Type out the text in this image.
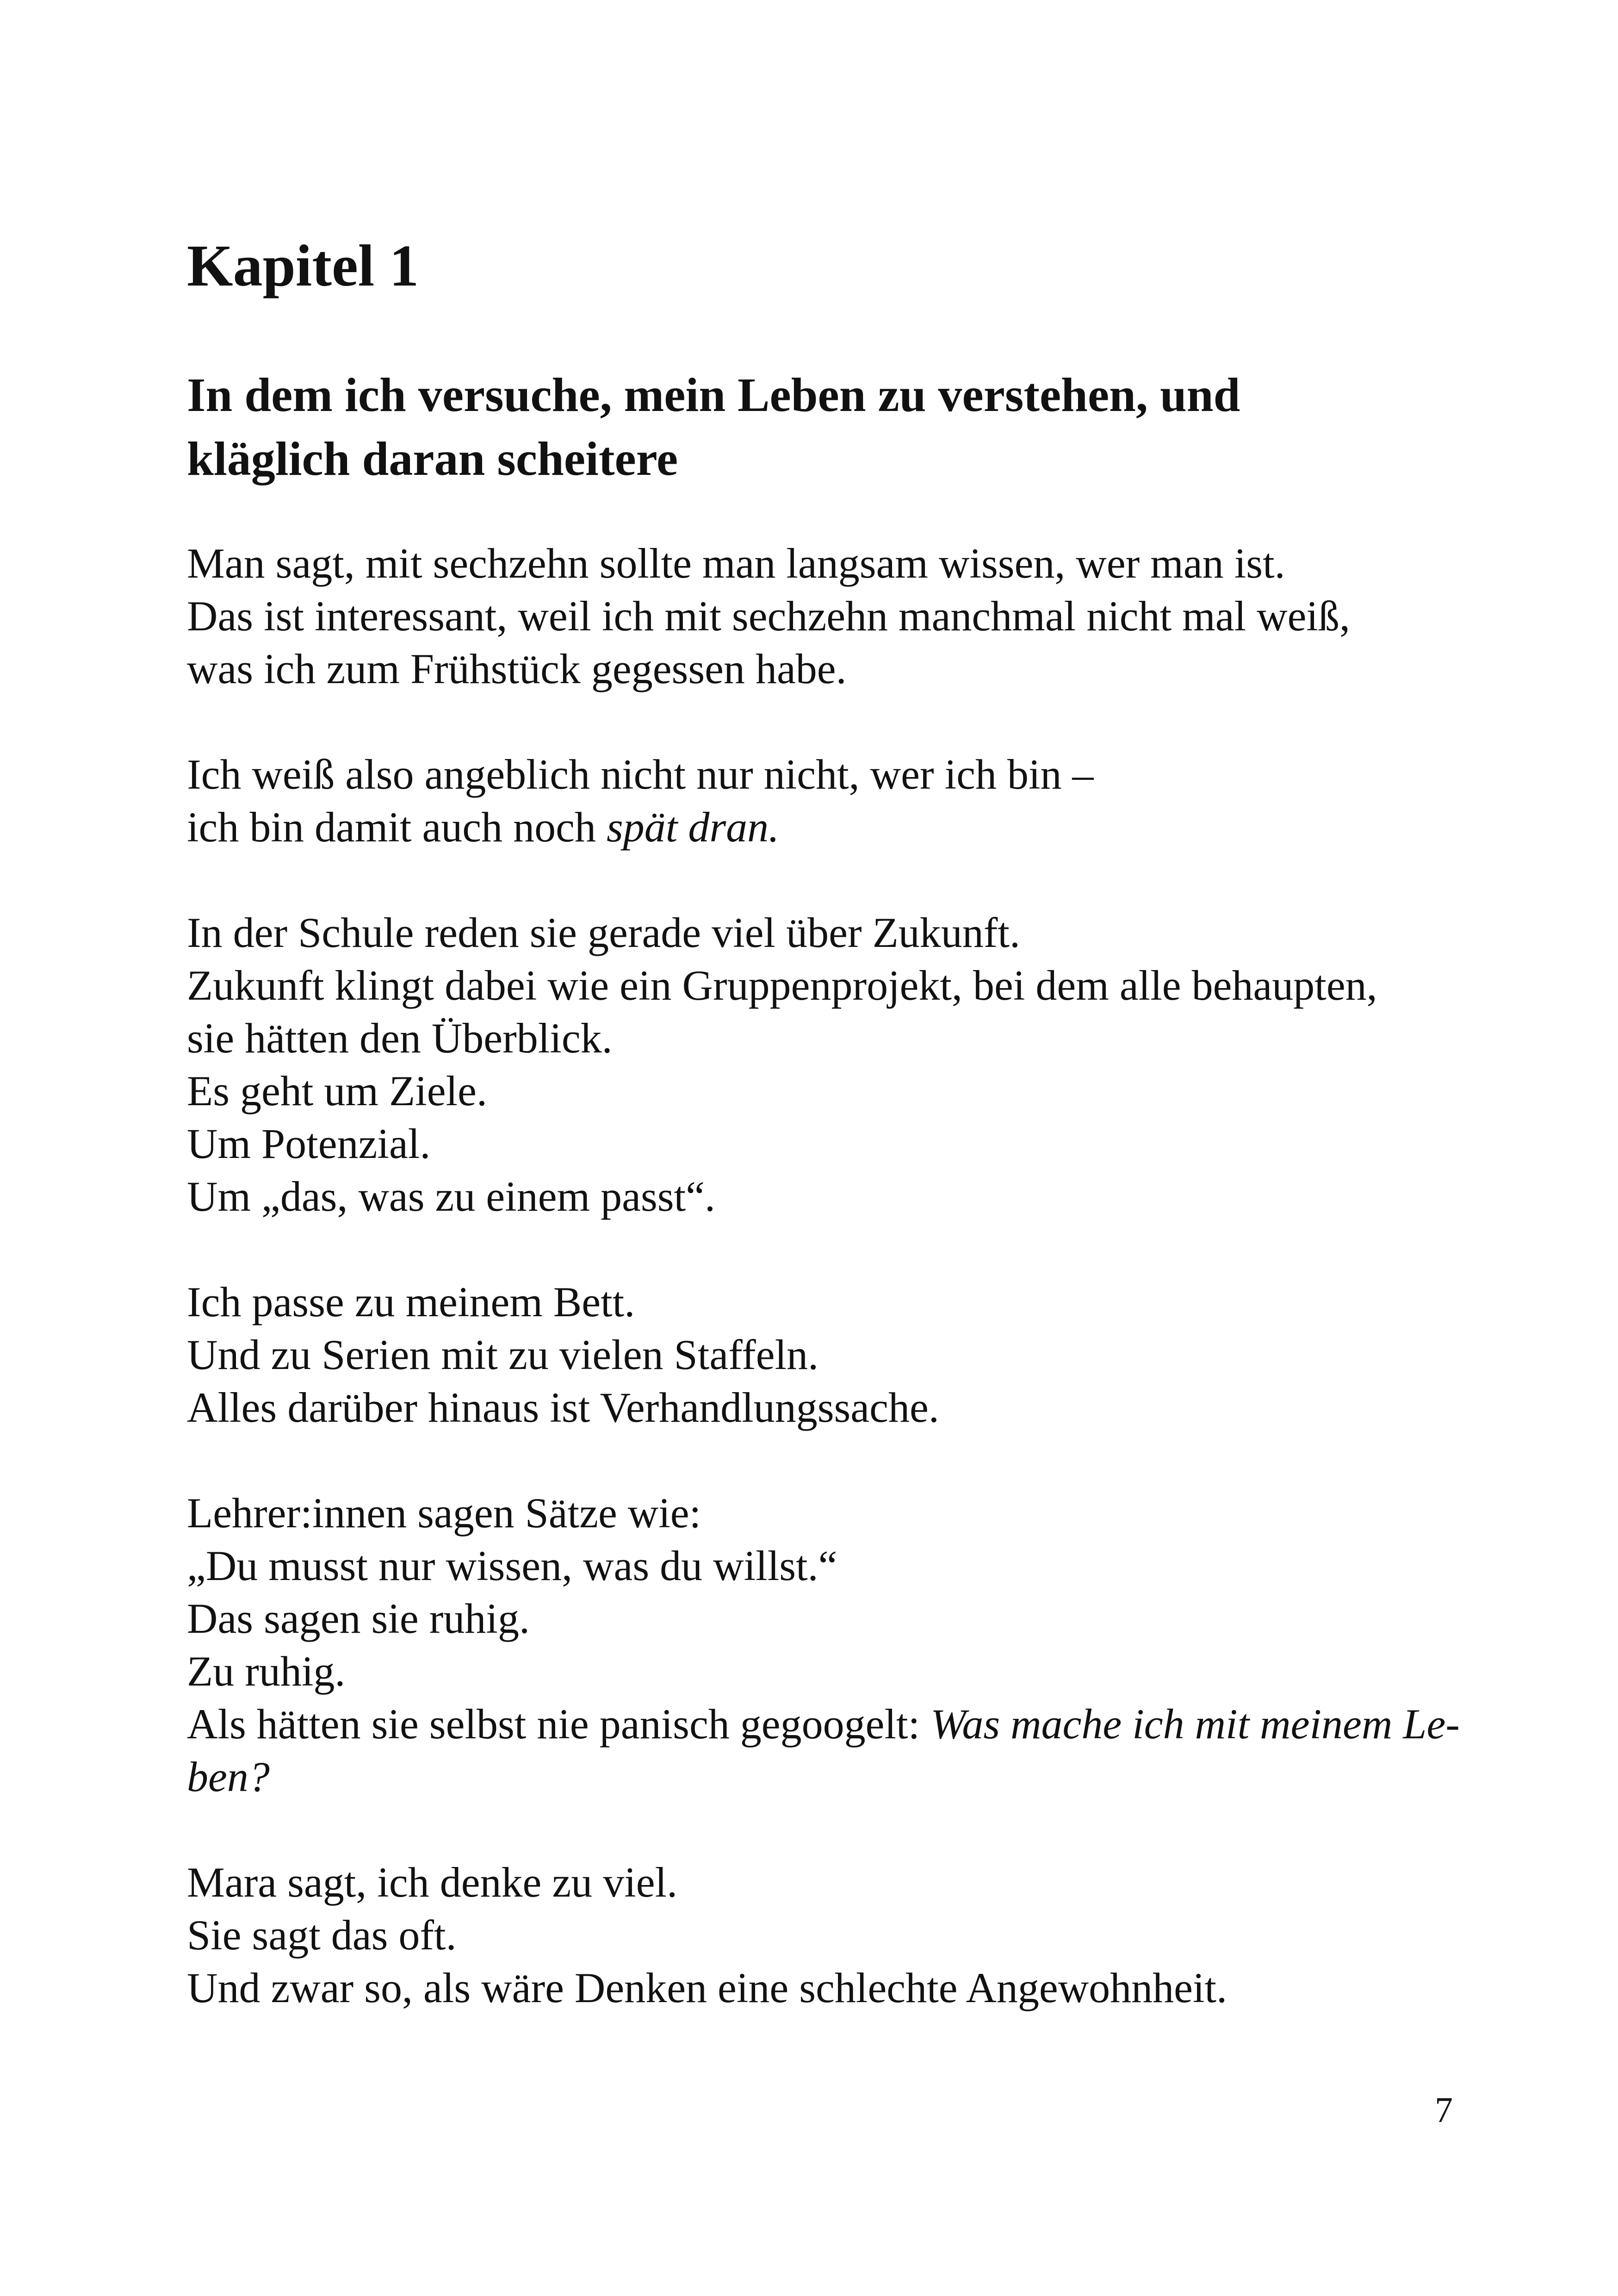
Kapitel 1
In dem ich versuche, mein Leben zu verstehen, und
kläglich daran scheitere

Man sagt, mit sechzehn sollte man langsam wissen, wer man ist.
Das ist interessant, weil ich mit sechzehn manchmal nicht mal weiß,
was ich zum Frühstück gegessen habe.

Ich weiß also angeblich nicht nur nicht, wer ich bin –
ich bin damit auch noch spät dran.

In der Schule reden sie gerade viel über Zukunft.
Zukunft klingt dabei wie ein Gruppenprojekt, bei dem alle behaupten,
sie hätten den Überblick.
Es geht um Ziele.
Um Potenzial.
Um „das, was zu einem passt“.

Ich passe zu meinem Bett.
Und zu Serien mit zu vielen Staffeln.
Alles darüber hinaus ist Verhandlungssache.

Lehrer:innen sagen Sätze wie:
„Du musst nur wissen, was du willst.“
Das sagen sie ruhig.
Zu ruhig.
Als hätten sie selbst nie panisch gegoogelt: Was mache ich mit meinem Le-
ben?

Mara sagt, ich denke zu viel.
Sie sagt das oft.
Und zwar so, als wäre Denken eine schlechte Angewohnheit.

7
